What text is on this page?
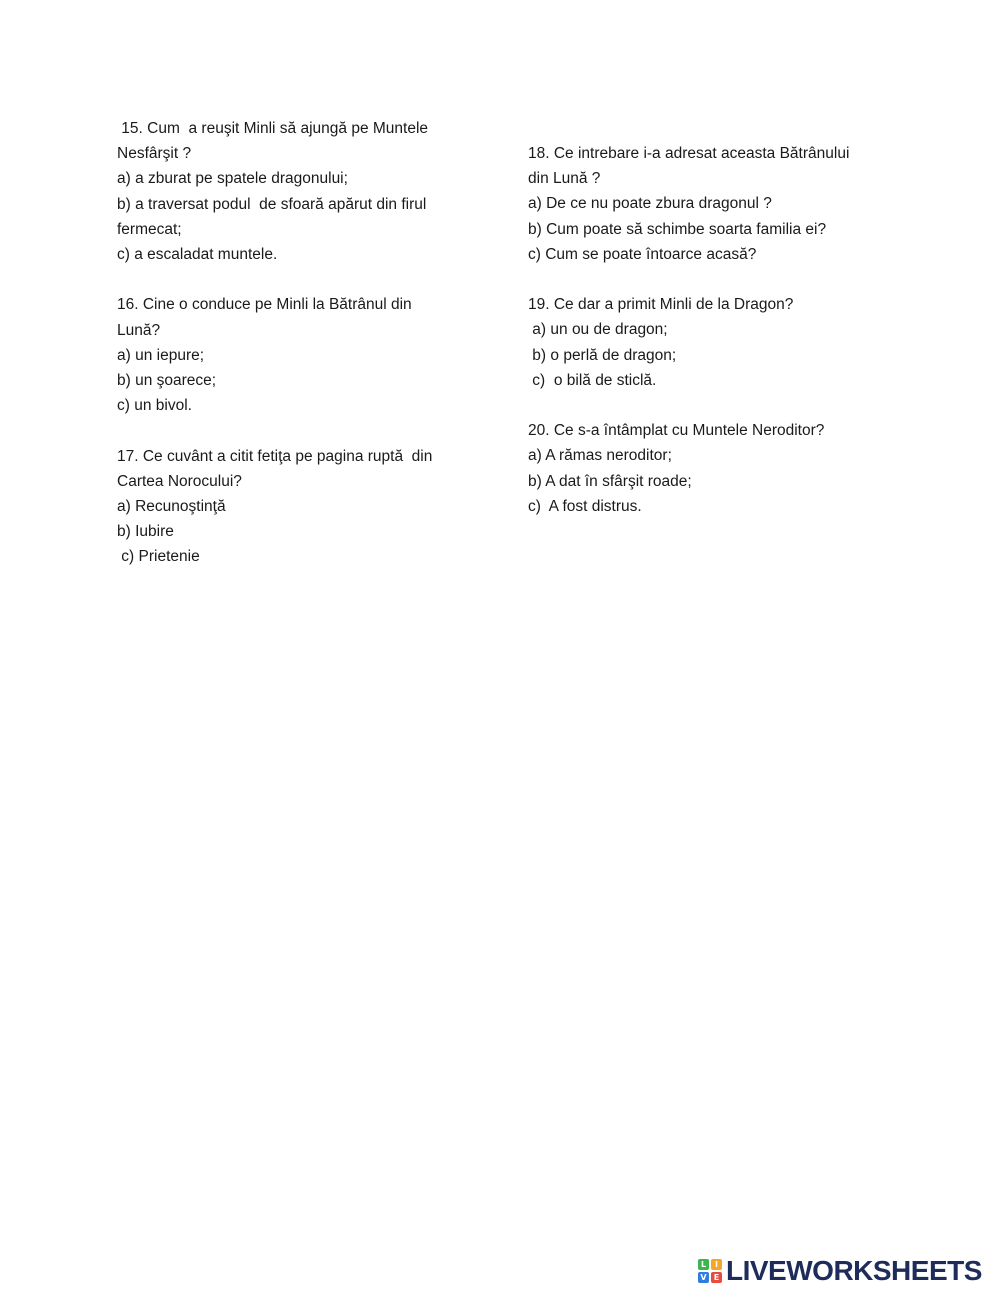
15. Cum  a reuşit Minli să ajungă pe Muntele
Nesfârşit ?
a) a zburat pe spatele dragonului;
b) a traversat podul  de sfoară apărut din firul
fermecat;
c) a escaladat muntele.
16. Cine o conduce pe Minli la Bătrânul din
Lună?
a) un iepure;
b) un şoarece;
c) un bivol.
17. Ce cuvânt a citit fetiţa pe pagina ruptă  din
Cartea Norocului?
a) Recunoştinţă
b) Iubire
c) Prietenie
18. Ce intrebare i-a adresat aceasta Bătrânului
din Lună ?
a) De ce nu poate zbura dragonul ?
b) Cum poate să schimbe soarta familia ei?
c) Cum se poate întoarce acasă?
19. Ce dar a primit Minli de la Dragon?
a) un ou de dragon;
b) o perlă de dragon;
c)  o bilă de sticlă.
20. Ce s-a întâmplat cu Muntele Neroditor?
a) A rămas neroditor;
b) A dat în sfârşit roade;
c)  A fost distrus.
L	I
V E LIVEWORKSHEETS
